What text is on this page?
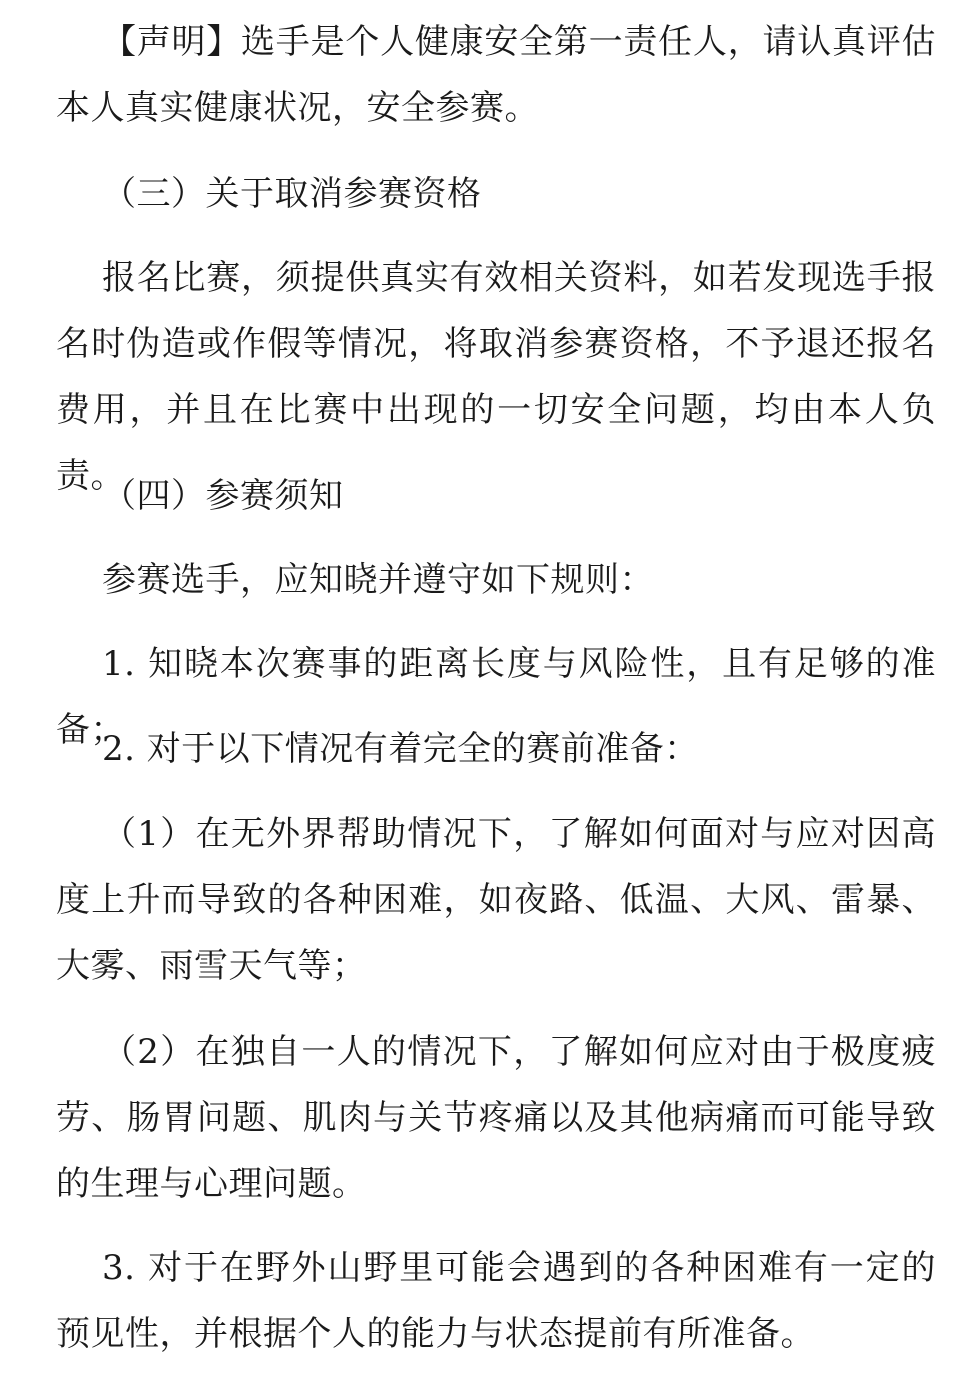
【声明】选手是个人健康安全第一责任人，请认真评估本人真实健康状况，安全参赛。

（三）关于取消参赛资格

报名比赛，须提供真实有效相关资料，如若发现选手报名时伪造或作假等情况，将取消参赛资格，不予退还报名费用，并且在比赛中出现的一切安全问题，均由本人负责。

（四）参赛须知

参赛选手，应知晓并遵守如下规则：

1. 知晓本次赛事的距离长度与风险性，且有足够的准备；

2. 对于以下情况有着完全的赛前准备：

（1）在无外界帮助情况下，了解如何面对与应对因高度上升而导致的各种困难，如夜路、低温、大风、雷暴、大雾、雨雪天气等；

（2）在独自一人的情况下，了解如何应对由于极度疲劳、肠胃问题、肌肉与关节疼痛以及其他病痛而可能导致的生理与心理问题。

3. 对于在野外山野里可能会遇到的各种困难有一定的预见性，并根据个人的能力与状态提前有所准备。
